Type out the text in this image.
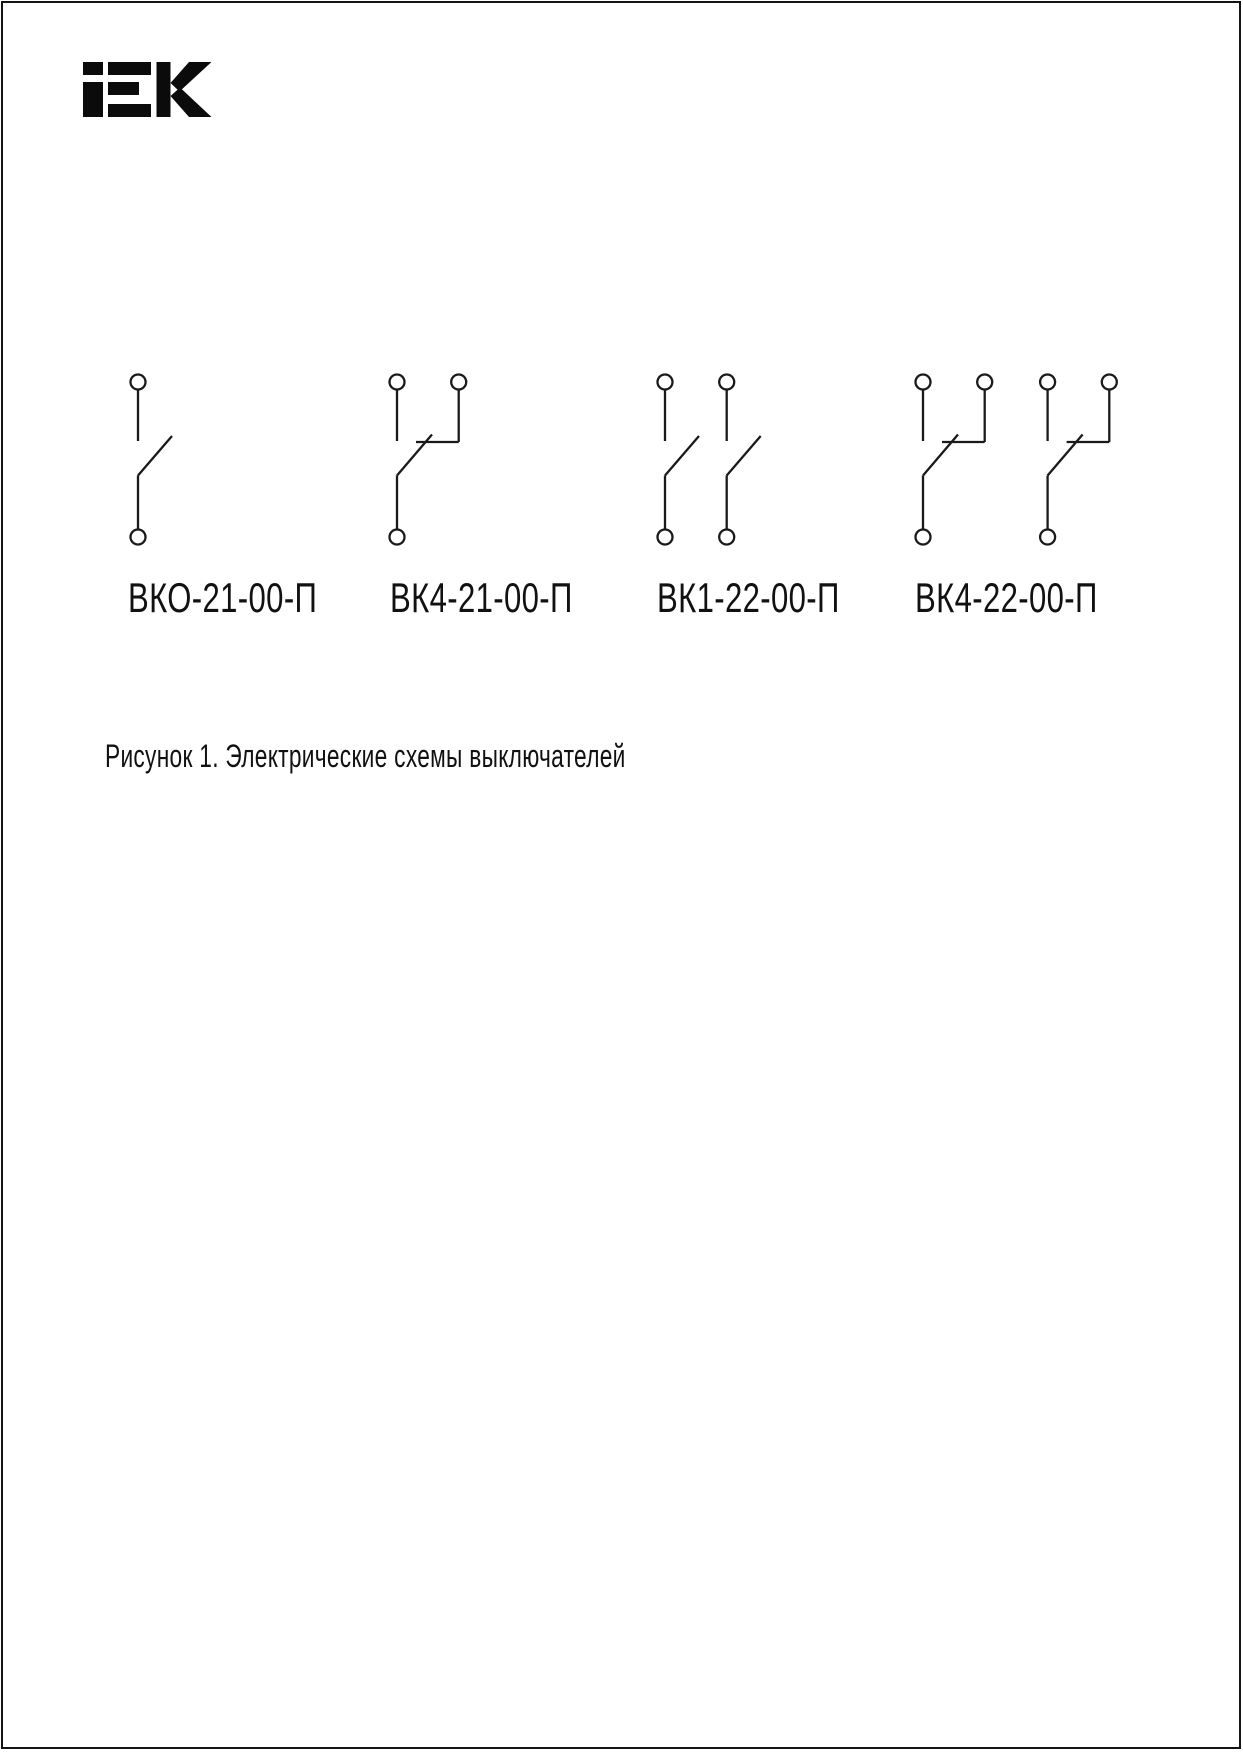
ВКО-21-00-П ВК4-21-00-П ВК1-22-00-П ВК4-22-00-П
Рисунок 1. Электрические схемы выключателей
